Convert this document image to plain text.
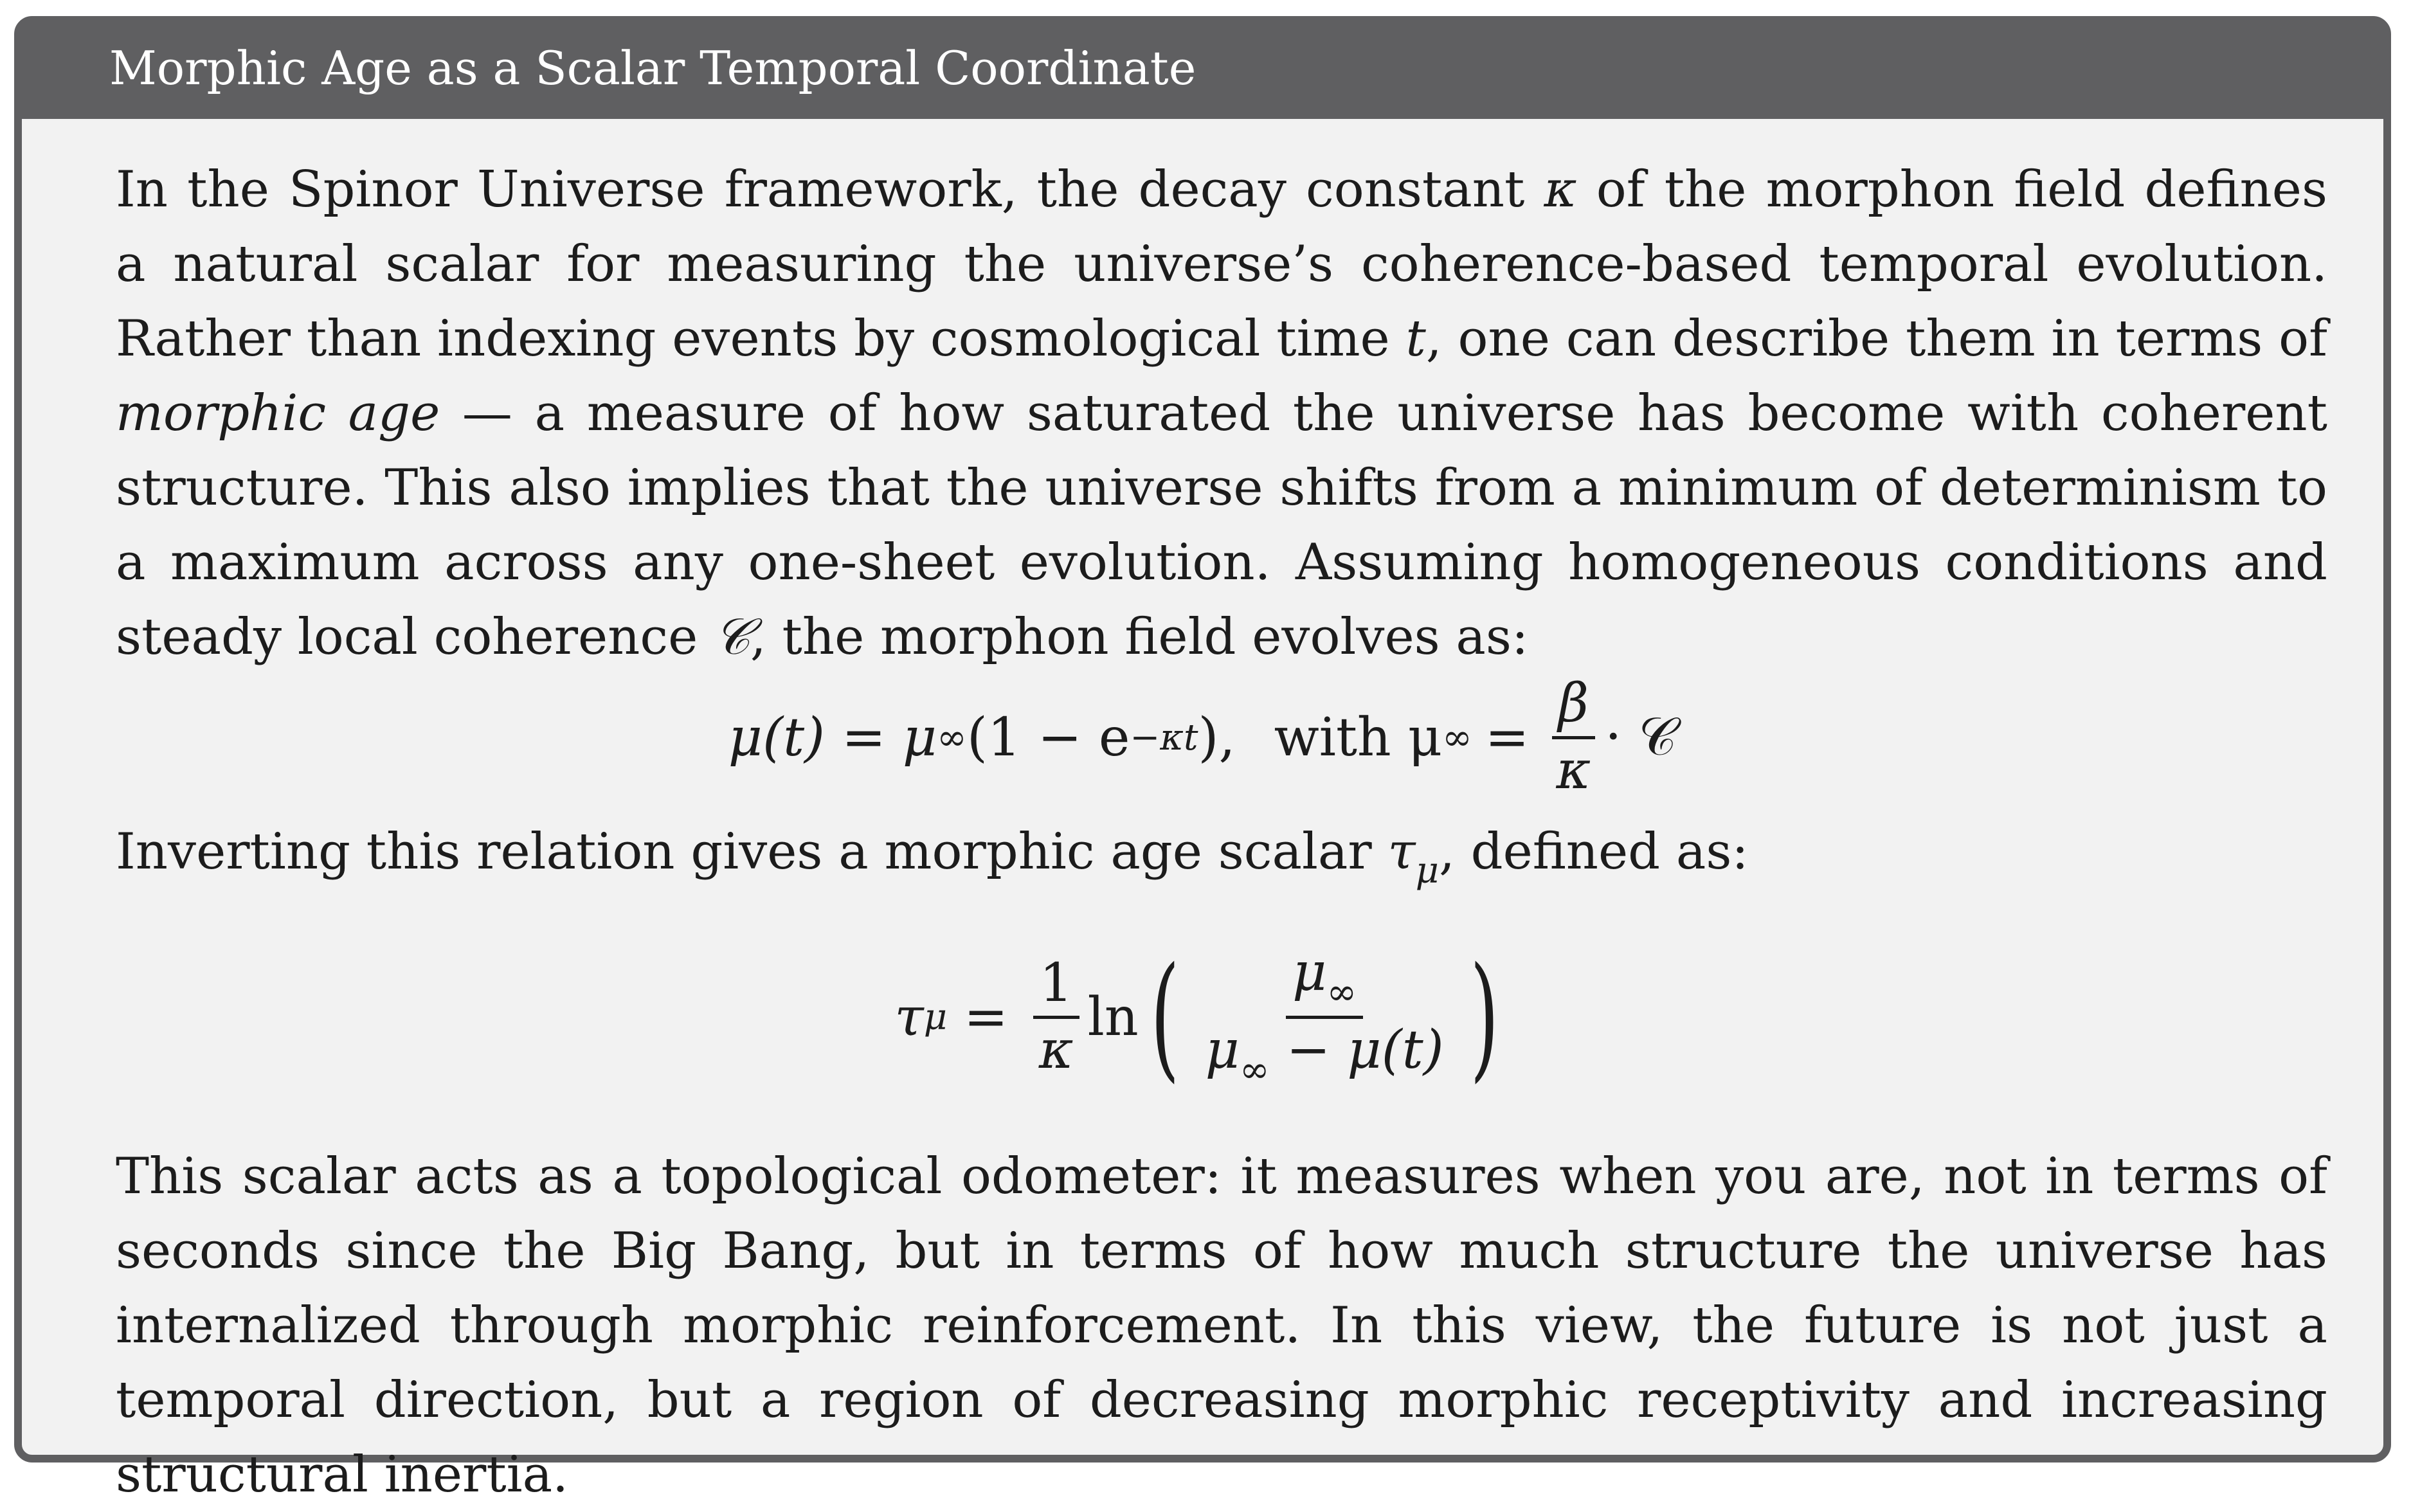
Morphic Age as a Scalar Temporal Coordinate
In the Spinor Universe framework, the decay constant κ of the morphon field defines a natural scalar for measuring the universe’s coherence-based temporal evolution. Rather than indexing events by cosmological time t, one can describe them in terms of morphic age — a measure of how saturated the universe has become with coherent structure. This also implies that the universe shifts from a minimum of determinism to a maximum across any one-sheet evolution. Assuming homogeneous conditions and steady local coherence 𝒞, the morphon field evolves as:
μ(t) = μ ∞ (1 − e −κt ), with μ ∞ = $\frac{\beta}{\kappa}$ · 𝒞
Inverting this relation gives a morphic age scalar $\tau_\mu$, defined as:
τ $\mu = \frac{1}{\kappa}$ ln ( $\frac{\mu_\infty}{\mu_\infty - \mu(t)}$ )
This scalar acts as a topological odometer: it measures when you are, not in terms of seconds since the Big Bang, but in terms of how much structure the universe has internalized through morphic reinforcement. In this view, the future is not just a temporal direction, but a region of decreasing morphic receptivity and increasing structural inertia.
